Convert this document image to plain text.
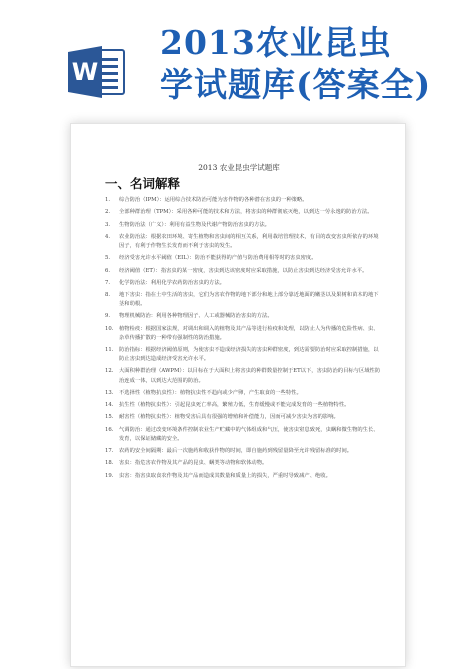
W
2013农业昆虫
学试题库(答案全)
2013 农业昆虫学试题库
一、名词解释
1. 综合防治（IPM）：运用综合技术防治可能为害作物的各种潜在害虫的一种策略。
2. 全部种群治理（TPM）：采用各种可能的技术和方法，将害虫的种群彻底灭绝，以到达一劳永逸的防治方法。
3. 生物防治法（广义）：利用有益生物及代谢产物防治害虫的方法。
4. 农业防治法：根据农田环境、寄生植物和害虫间的相互关系，利用栽培管理技术，有目的改变害虫所依存的环境因子，有利于作物生长发育而不利于害虫的发生。
5. 经济受害允许水平阈值（EIL）：防治不能获得的产值与防治费用相等时的害虫密度。
6. 经济阈值（ET）：指害虫的某一密度，害虫到达该密度时应采取措施，以防止害虫到达经济受害允许水平。
7. 化学防治法：利用化学农药防治害虫的方法。
8. 地下害虫：指在土中生活的害虫，它们为害农作物的地下部分和地上部分靠近地面的嫩茎以及果树和苗木的地下茎和幼根。
9. 物理机械防治：利用各种物理因子、人工或器械防治害虫的方法。
10. 植物检疫：根据国家法规，对调出和调入的植物及其产品等进行检疫和处理，以防止人为传播的危险性病、虫、杂草传播扩散的一种带有强制性的防治措施。
11. 防治指标：根据经济阈值原则，为使害虫不造成经济损失的害虫种群密度，到达需要防治时应采取控制措施，以防止害虫到达造成经济受害允许水平。
12. 大面积种群治理（AWPM）：以目标在于大面积上将害虫的种群数量控制于ET以下，害虫防治的目标与区域性防治连成一体，以到达大范围的防治。
13. 不选择性（植物抗虫性）：植物抗虫性不趋向或少产卵，产生取食的一些特性。
14. 抗生性（植物抗虫性）：引起昆虫死亡率高，繁殖力低，生育缓慢或不能完成发育的一些植物特性。
15. 耐害性（植物抗虫性）：植物受害后具有很强的增殖和补偿能力，因而可减少害虫为害的影响。
16. 气调防治：通过改变环境条件控制农业生产贮藏中的气体组成和气压，使害虫窒息致死，虫螨和微生物的生长、发育，以保证储藏的安全。
17. 农药的安全间隔期：最后一次施药和收获作物的时间，即自施药到残留量降至允许残留标准的时间。
18. 害虫：指危害农作物及其产品的昆虫、螨类等动物和软体动物。
19. 虫害：指害虫取食农作物及其产品而造成其数量和质量上的损失，严重时导致减产、绝收。
